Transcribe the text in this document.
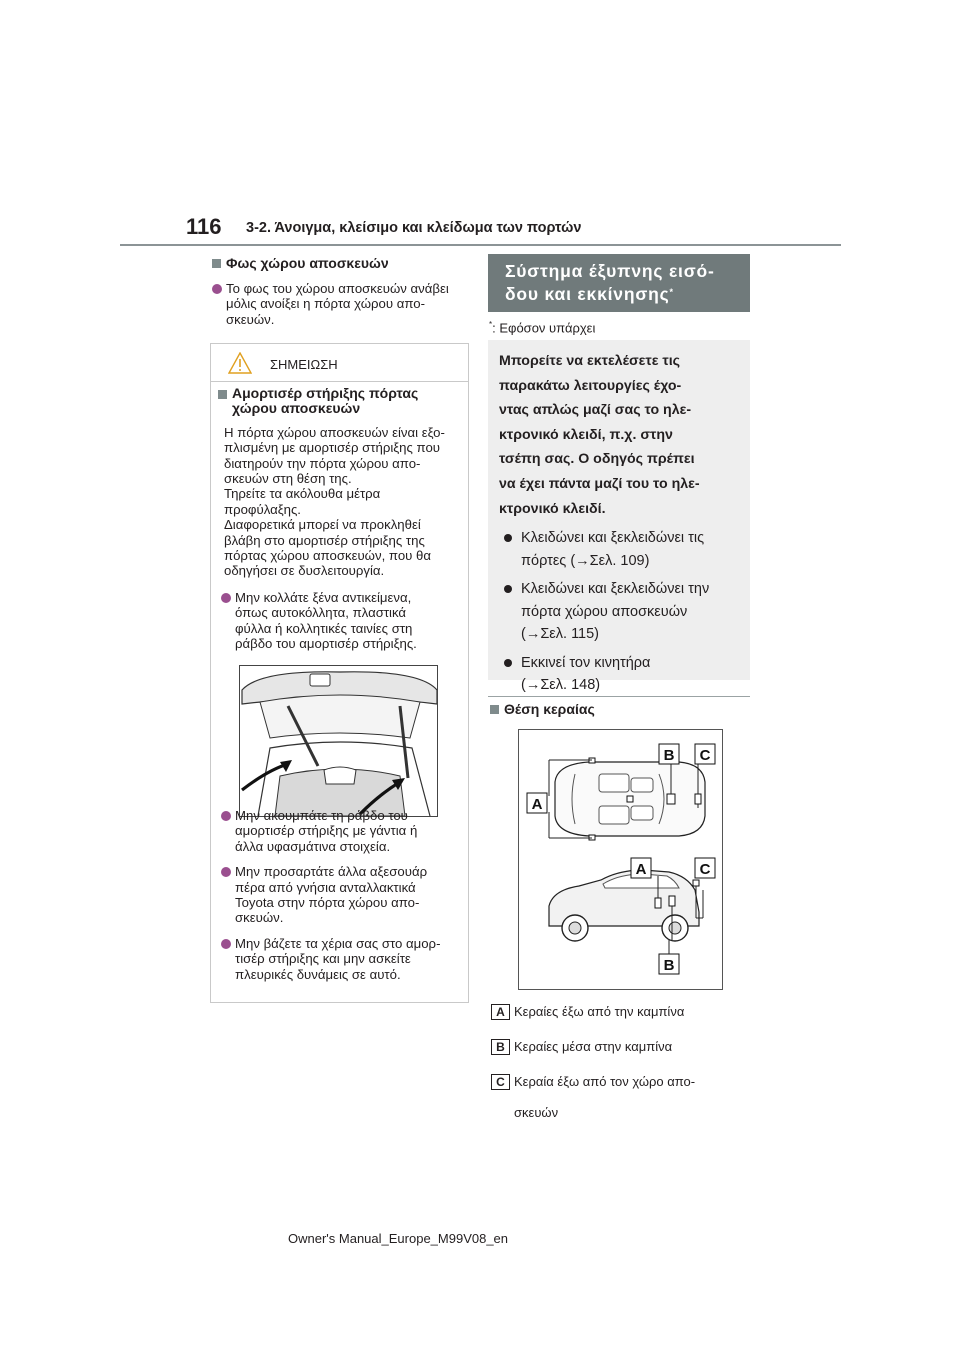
116 3-2. Άνοιγμα, κλείσιμο και κλείδωμα των πορτών
Φως χώρου αποσκευών
Το φως του χώρου αποσκευών ανάβει
μόλις ανοίξει η πόρτα χώρου απο-
σκευών.
ΣΗΜΕΙΩΣΗ
Αμορτισέρ στήριξης πόρτας
χώρου αποσκευών
Η πόρτα χώρου αποσκευών είναι εξο-
πλισμένη με αμορτισέρ στήριξης που
διατηρούν την πόρτα χώρου απο-
σκευών στη θέση της.
Τηρείτε τα ακόλουθα μέτρα
προφύλαξης.
Διαφορετικά μπορεί να προκληθεί
βλάβη στο αμορτισέρ στήριξης της
πόρτας χώρου αποσκευών, που θα
οδηγήσει σε δυσλειτουργία.
Μην κολλάτε ξένα αντικείμενα,
όπως αυτοκόλλητα, πλαστικά
φύλλα ή κολλητικές ταινίες στη
ράβδο του αμορτισέρ στήριξης.
Μην ακουμπάτε τη ράβδο του
αμορτισέρ στήριξης με γάντια ή
άλλα υφασμάτινα στοιχεία.
Μην προσαρτάτε άλλα αξεσουάρ
πέρα από γνήσια ανταλλακτικά
Toyota στην πόρτα χώρου απο-
σκευών.
Μην βάζετε τα χέρια σας στο αμορ-
τισέρ στήριξης και μην ασκείτε
πλευρικές δυνάμεις σε αυτό.
Σύστημα έξυπνης εισό-
δου και εκκίνησης*
*: Εφόσον υπάρχει
Μπορείτε να εκτελέσετε τις
παρακάτω λειτουργίες έχο-
ντας απλώς μαζί σας το ηλε-
κτρονικό κλειδί, π.χ. στην
τσέπη σας. Ο οδηγός πρέπει
να έχει πάντα μαζί του το ηλε-
κτρονικό κλειδί.
Κλειδώνει και ξεκλειδώνει τις
πόρτες (→Σελ. 109)
Κλειδώνει και ξεκλειδώνει την
πόρτα χώρου αποσκευών
(→Σελ. 115)
Εκκινεί τον κινητήρα
(→Σελ. 148)
Θέση κεραίας
A
B C
A	C
B
A Κεραίες έξω από την καμπίνα
B Κεραίες μέσα στην καμπίνα
C Κεραία έξω από τον χώρο απο-
σκευών
Owner's Manual_Europe_M99V08_en
